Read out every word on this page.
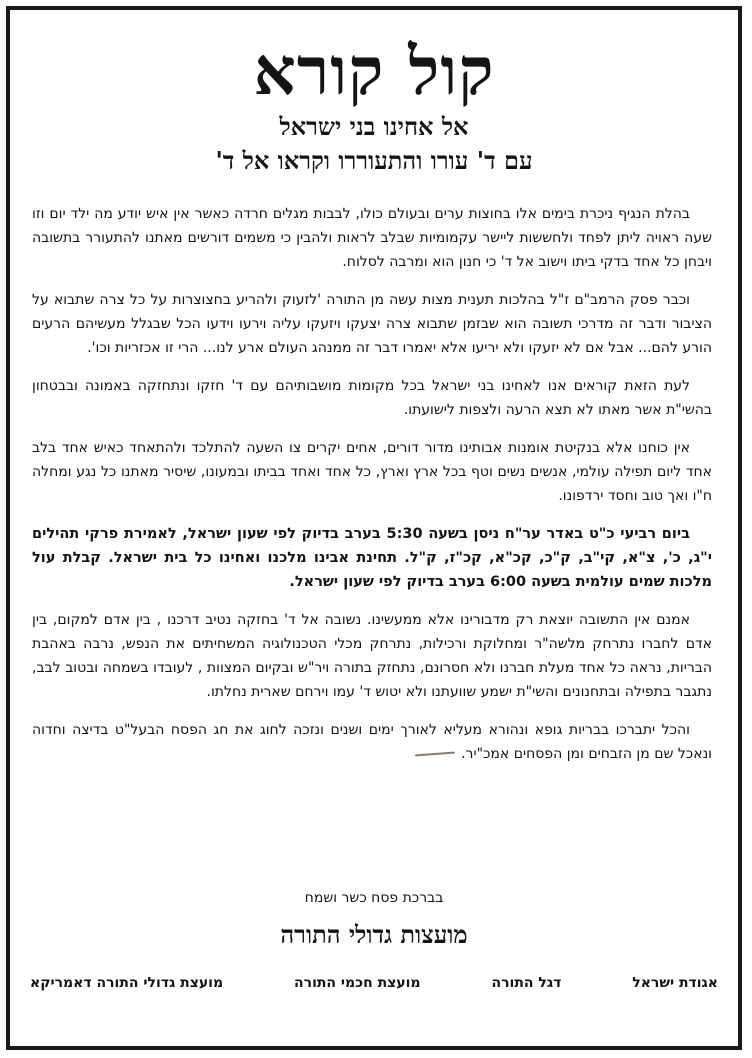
קול קורא
אל אחינו בני ישראל
עם ד' עורו והתעוררו וקראו אל ד'

בהלת הנגיף ניכרת בימים אלו בחוצות ערים ובעולם כולו, לבבות מגלים חרדה כאשר אין איש יודע מה ילד יום וזו שעה ראויה ליתן לפחד ולחששות ליישר עקמומיות שבלב לראות ולהבין כי משמים דורשים מאתנו להתעורר בתשובה ויבחן כל אחד בדקי ביתו וישוב אל ד' כי חנון הוא ומרבה לסלוח.

וכבר פסק הרמב"ם ז"ל בהלכות תענית מצות עשה מן התורה 'לזעוק ולהריע בחצוצרות על כל צרה שתבוא על הציבור ודבר זה מדרכי תשובה הוא שבזמן שתבוא צרה יצעקו ויזעקו עליה וירעו וידעו הכל שבגלל מעשיהם הרעים הורע להם... אבל אם לא יזעקו ולא יריעו אלא יאמרו דבר זה ממנהג העולם ארע לנו... הרי זו אכזריות וכו'.

לעת הזאת קוראים אנו לאחינו בני ישראל בכל מקומות מושבותיהם עם ד' חזקו ונתחזקה באמונה ובבטחון בהשי"ת אשר מאתו לא תצא הרעה ולצפות לישועתו.

אין כוחנו אלא בנקיטת אומנות אבותינו מדור דורים, אחים יקרים צו השעה להתלכד ולהתאחד כאיש אחד בלב אחד ליום תפילה עולמי, אנשים נשים וטף בכל ארץ וארץ, כל אחד ואחד בביתו ובמעונו, שיסיר מאתנו כל נגע ומחלה ח"ו ואך טוב וחסד ירדפונו.

ביום רביעי כ"ט באדר ער"ח ניסן בשעה 5:30 בערב בדיוק לפי שעון ישראל, לאמירת פרקי תהילים י"ג, כ', צ"א, קי"ב, ק"כ, קכ"א, קכ"ז, ק"ל. תחינת אבינו מלכנו ואחינו כל בית ישראל. קבלת עול מלכות שמים עולמית בשעה 6:00 בערב בדיוק לפי שעון ישראל.

אמנם אין התשובה יוצאת רק מדבורינו אלא ממעשינו. נשובה אל ד' בחזקה נטיב דרכנו , בין אדם למקום, בין אדם לחברו נתרחק מלשה"ר ומחלוקת ורכילות, נתרחק מכלי הטכנולוגיה המשחיתים את הנפש, נרבה באהבת הבריות, נראה כל אחד מעלת חברנו ולא חסרונם, נתחזק בתורה ויר"ש ובקיום המצוות , לעובדו בשמחה ובטוב לבב, נתגבר בתפילה ובתחנונים והשי"ת ישמע שוועתנו ולא יטוש ד' עמו וירחם שארית נחלתו.

והכל יתברכו בבריות גופא ונהורא מעליא לאורך ימים ושנים ונזכה לחוג את חג הפסח הבעל"ט בדיצה וחדוה ונאכל שם מן הזבחים ומן הפסחים אמכ"יר.

בברכת פסח כשר ושמח
מועצות גדולי התורה
אגודת ישראל
דגל התורה
מועצת חכמי התורה
מועצת גדולי התורה דאמריקא
